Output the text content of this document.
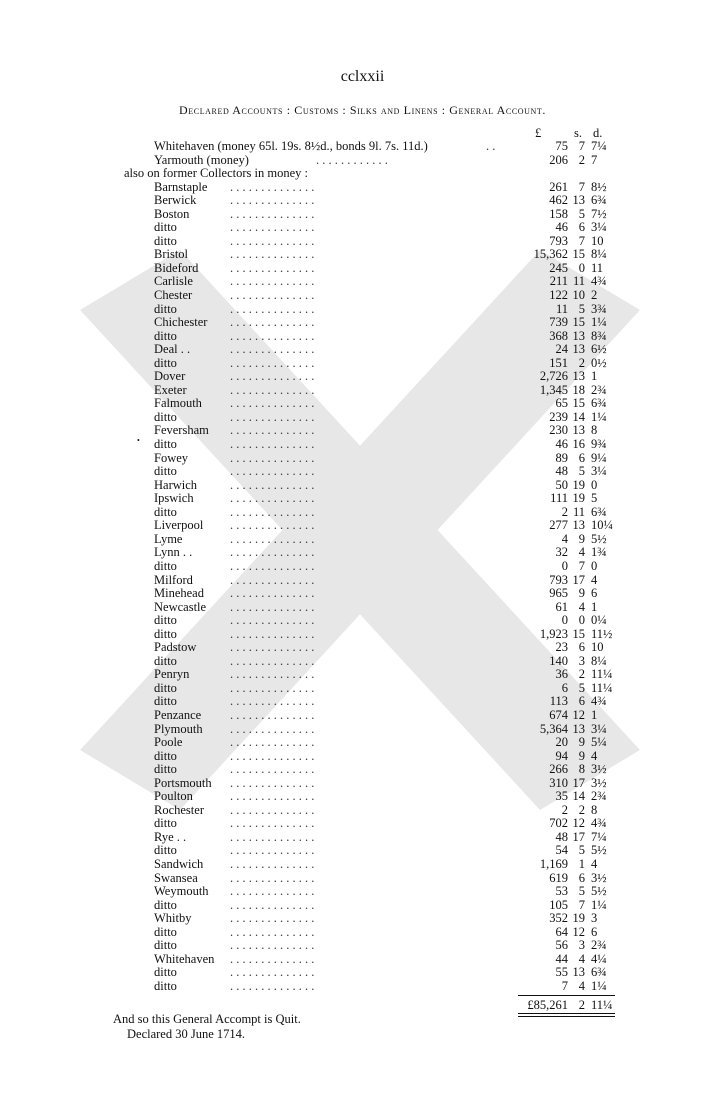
cclxxii
Declared Accounts : Customs : Silks and Linens : General Account.
£	s. d.
Whitehaven (money 65l. 19s. 8½d., bonds 9l. 7s. 11d.)	. .	75 7 7¼
Yarmouth (money)	. . . . . . . . . . . .	206 2 7
also on former Collectors in money :
Barnstaple . . . . . . . . . . . . . .	261 7 8½
Berwick	. . . . . . . . . . . . . .	462 13 6¾
Boston	. . . . . . . . . . . . . .	158 5 7½
ditto	. . . . . . . . . . . . . .	46 6 3¼
ditto	. . . . . . . . . . . . . .	793 7 10
Bristol	. . . . . . . . . . . . . .	15,362 15 8¼
Bideford	. . . . . . . . . . . . . .	245 0 11
Carlisle	. . . . . . . . . . . . . .	211 11 4¾
Chester	. . . . . . . . . . . . . .	122 10 2
ditto	. . . . . . . . . . . . . .	11 5 3¾
Chichester . . . . . . . . . . . . . .	739 15 1¼
ditto	. . . . . . . . . . . . . .	368 13 8¾
Deal . .	. . . . . . . . . . . . . .	24 13 6½
ditto	. . . . . . . . . . . . . .	151 2 0½
Dover	. . . . . . . . . . . . . .	2,726 13 1
Exeter	. . . . . . . . . . . . . .	1,345 18 2¾
Falmouth . . . . . . . . . . . . . .	65 15 6¾
ditto	. . . . . . . . . . . . . .	239 14 1¼
Feversham . . . . . . . . . . . . . .	230 13 8
ditto	. . . . . . . . . . . . . .	46 16 9¾
Fowey	. . . . . . . . . . . . . .	89 6 9¼
ditto	. . . . . . . . . . . . . .	48 5 3¼
Harwich	. . . . . . . . . . . . . .	50 19 0
Ipswich	. . . . . . . . . . . . . .	111 19 5
ditto	. . . . . . . . . . . . . .	2 11 6¾
Liverpool . . . . . . . . . . . . . .	277 13 10¼
Lyme	. . . . . . . . . . . . . .	4 9 5½
Lynn . .	. . . . . . . . . . . . . .	32 4 1¾
ditto	. . . . . . . . . . . . . .	0 7 0
Milford	. . . . . . . . . . . . . .	793 17 4
Minehead . . . . . . . . . . . . . .	965 9 6
Newcastle . . . . . . . . . . . . . .	61 4 1
ditto	. . . . . . . . . . . . . .	0 0 0¼
ditto	. . . . . . . . . . . . . .	1,923 15 11½
Padstow	. . . . . . . . . . . . . .	23 6 10
ditto	. . . . . . . . . . . . . .	140 3 8¼
Penryn	. . . . . . . . . . . . . .	36 2 11¼
ditto	. . . . . . . . . . . . . .	6 5 11¼
ditto	. . . . . . . . . . . . . .	113 6 4¾
Penzance . . . . . . . . . . . . . .	674 12 1
Plymouth . . . . . . . . . . . . . .	5,364 13 3¼
Poole	. . . . . . . . . . . . . .	20 9 5¼
ditto	. . . . . . . . . . . . . .	94 9 4
ditto	. . . . . . . . . . . . . .	266 8 3½
Portsmouth . . . . . . . . . . . . . .	310 17 3½
Poulton	. . . . . . . . . . . . . .	35 14 2¾
Rochester . . . . . . . . . . . . . .	2 2 8
ditto	. . . . . . . . . . . . . .	702 12 4¾
Rye . .	. . . . . . . . . . . . . .	48 17 7¼
ditto	. . . . . . . . . . . . . .	54 5 5½
Sandwich . . . . . . . . . . . . . .	1,169 1 4
Swansea	. . . . . . . . . . . . . .	619 6 3½
Weymouth . . . . . . . . . . . . . .	53 5 5½
ditto	. . . . . . . . . . . . . .	105 7 1¼
Whitby	. . . . . . . . . . . . . .	352 19 3
ditto	. . . . . . . . . . . . . .	64 12 6
ditto	. . . . . . . . . . . . . .	56 3 2¾
Whitehaven . . . . . . . . . . . . . .	44 4 4¼
ditto	. . . . . . . . . . . . . .	55 13 6¾
ditto	. . . . . . . . . . . . . .	7 4 1¼
•
£85,261 2 11¼
And so this General Accompt is Quit.
Declared 30 June 1714.
